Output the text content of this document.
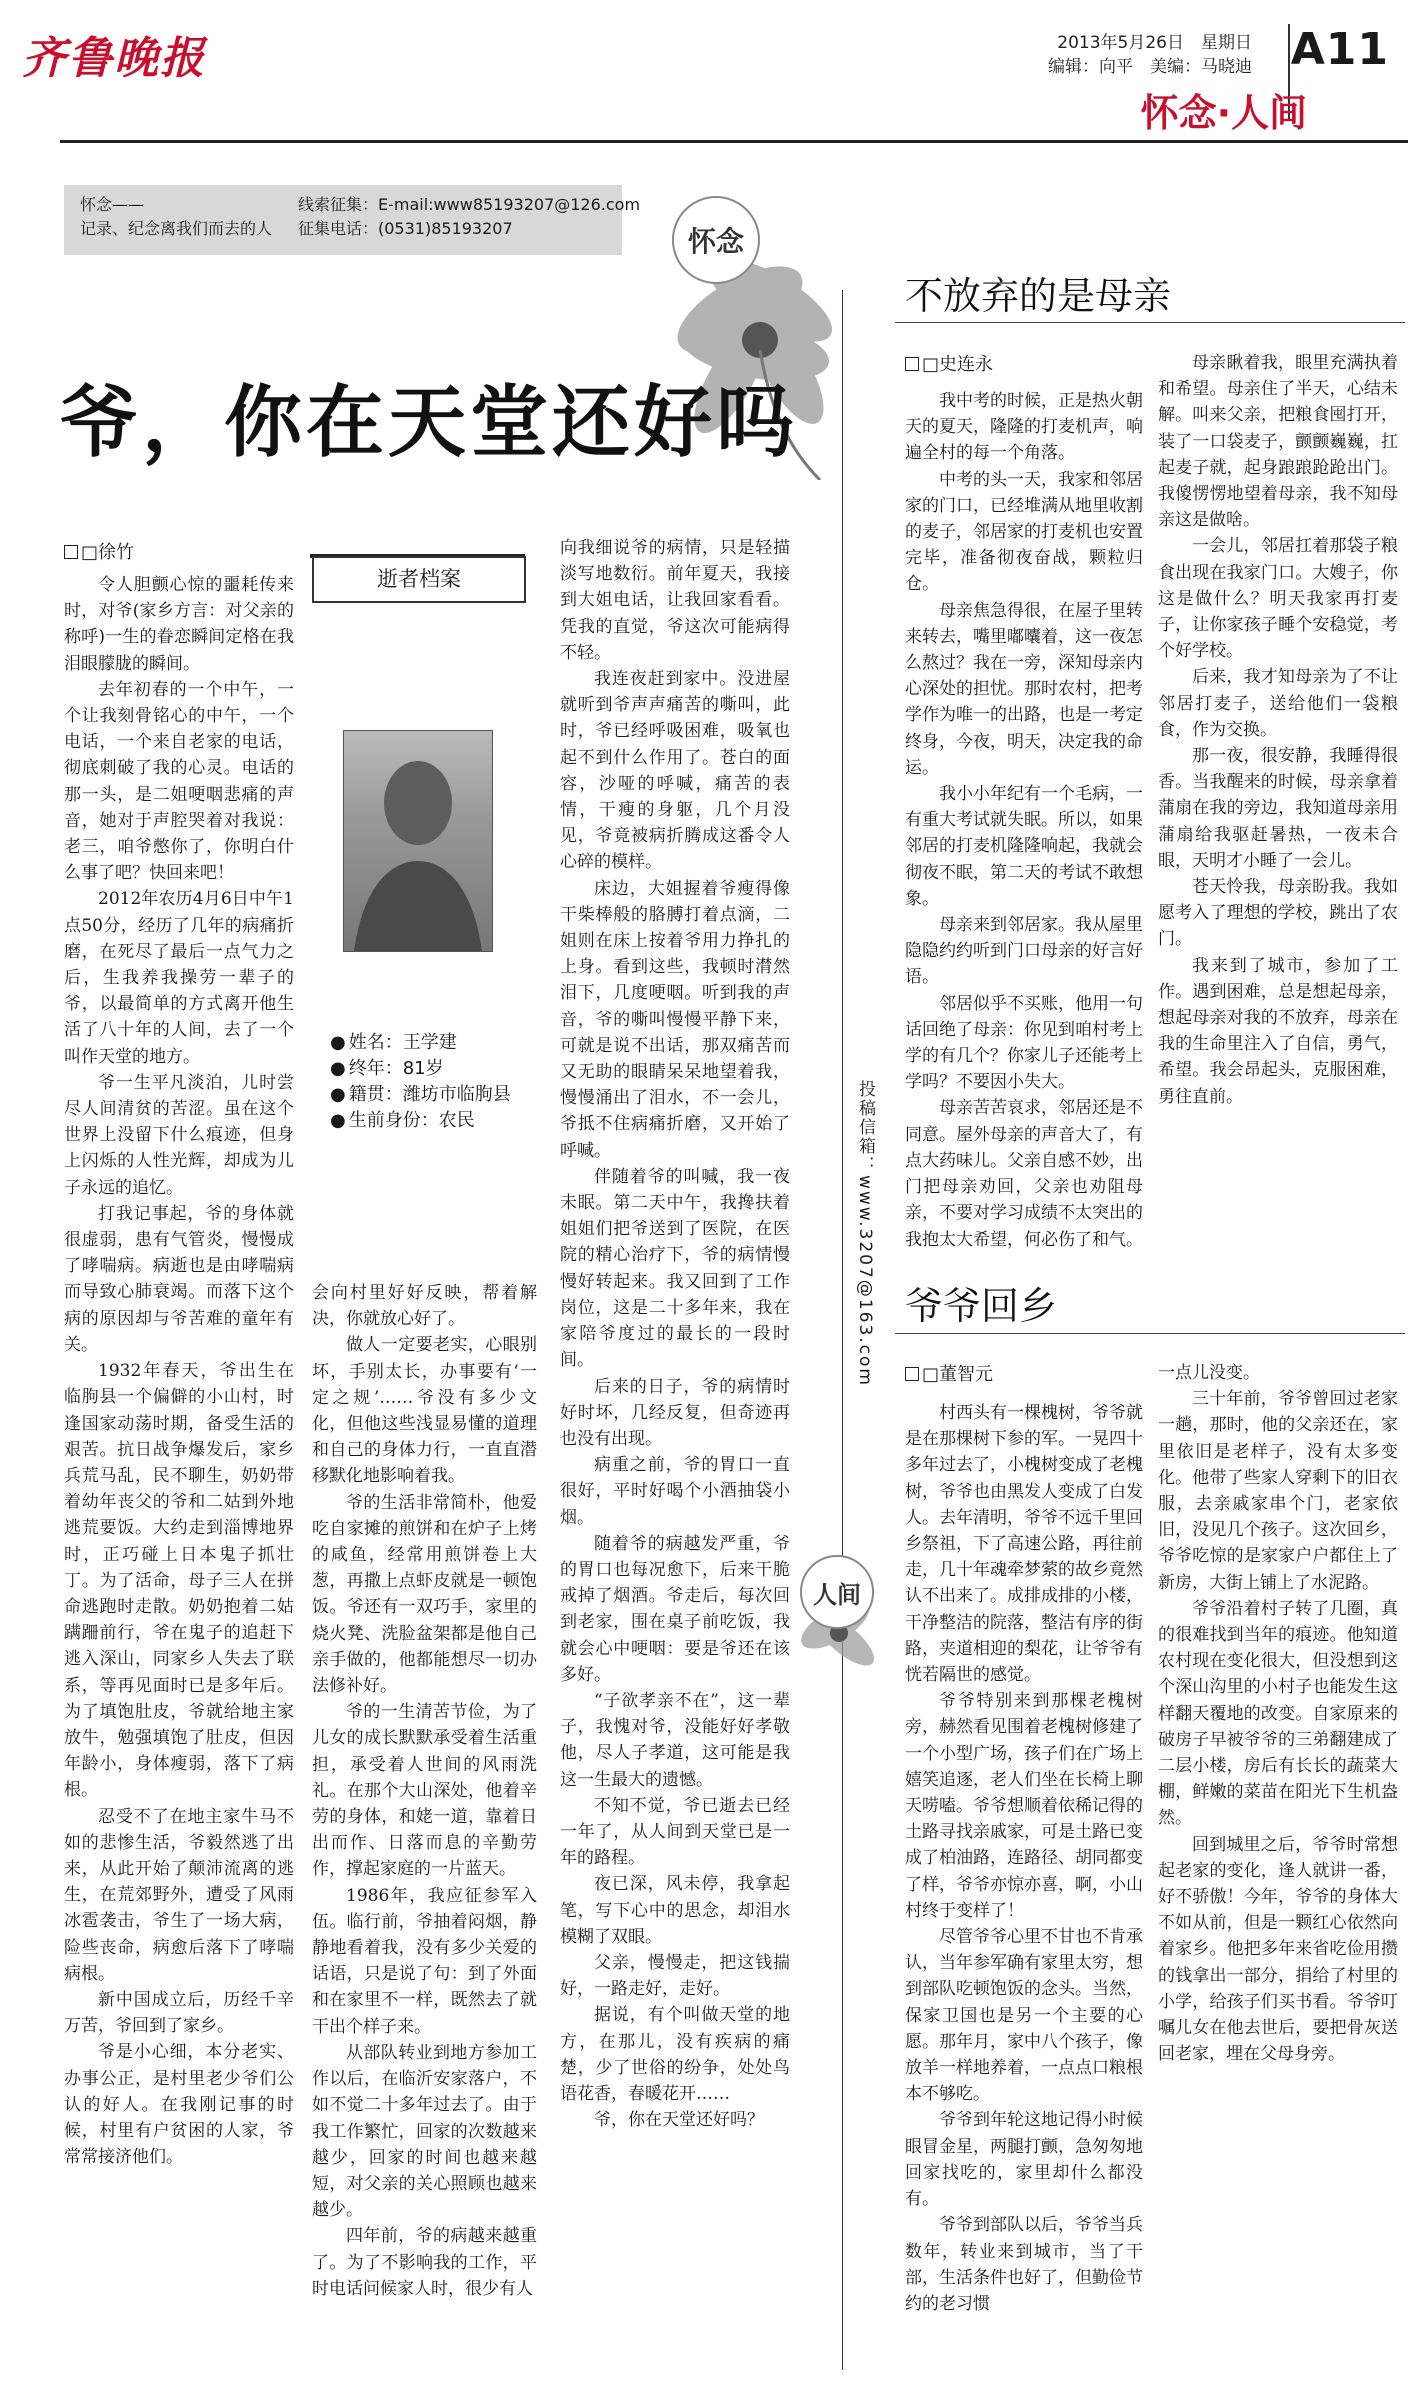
齐鲁晚报	2013年5月26日　星期日
编辑：向平　美编：马晓迪 A11
怀念·人间
怀念——
记录、纪念离我们而去的人
线索征集：E-mail:www85193207@126.com
征集电话：(0531)85193207	怀念
爷，你在天堂还好吗
□徐竹

令人胆颤心惊的噩耗传来时，对爷(家乡方言：对父亲的称呼)一生的眷恋瞬间定格在我泪眼朦胧的瞬间。

去年初春的一个中午，一个让我刻骨铭心的中午，一个电话，一个来自老家的电话，彻底刺破了我的心灵。电话的那一头，是二姐哽咽悲痛的声音，她对于声腔哭着对我说：老三，咱爷憋你了，你明白什么事了吧？快回来吧！

2012年农历4月6日中午1点50分，经历了几年的病痛折磨，在死尽了最后一点气力之后，生我养我操劳一辈子的爷，以最简单的方式离开他生活了八十年的人间，去了一个叫作天堂的地方。

爷一生平凡淡泊，儿时尝尽人间清贫的苦涩。虽在这个世界上没留下什么痕迹，但身上闪烁的人性光辉，却成为儿子永远的追忆。

打我记事起，爷的身体就很虚弱，患有气管炎，慢慢成了哮喘病。病逝也是由哮喘病而导致心肺衰竭。而落下这个病的原因却与爷苦难的童年有关。

1932年春天，爷出生在临朐县一个偏僻的小山村，时逢国家动荡时期，备受生活的艰苦。抗日战争爆发后，家乡兵荒马乱，民不聊生，奶奶带着幼年丧父的爷和二姑到外地逃荒要饭。大约走到淄博地界时，正巧碰上日本鬼子抓壮丁。为了活命，母子三人在拼命逃跑时走散。奶奶抱着二姑蹒跚前行，爷在鬼子的追赶下逃入深山，同家乡人失去了联系，等再见面时已是多年后。为了填饱肚皮，爷就给地主家放牛，勉强填饱了肚皮，但因年龄小，身体瘦弱，落下了病根。

忍受不了在地主家牛马不如的悲惨生活，爷毅然逃了出来，从此开始了颠沛流离的逃生，在荒郊野外，遭受了风雨冰雹袭击，爷生了一场大病，险些丧命，病愈后落下了哮喘病根。

新中国成立后，历经千辛万苦，爷回到了家乡。

爷是小心细，本分老实、办事公正，是村里老少爷们公认的好人。在我刚记事的时候，村里有户贫困的人家，爷常常接济他们。

逝者档案
● 姓名：王学建
● 终年：81岁
● 籍贯：潍坊市临朐县
● 生前身份：农民

会向村里好好反映，帮着解决，你就放心好了。

做人一定要老实，心眼别坏，手别太长，办事要有‘一定之规’……爷没有多少文化，但他这些浅显易懂的道理和自己的身体力行，一直直潜移默化地影响着我。

爷的生活非常简朴，他爱吃自家摊的煎饼和在炉子上烤的咸鱼，经常用煎饼卷上大葱，再撒上点虾皮就是一顿饱饭。爷还有一双巧手，家里的烧火凳、洗脸盆架都是他自己亲手做的，他都能想尽一切办法修补好。

爷的一生清苦节俭，为了儿女的成长默默承受着生活重担，承受着人世间的风雨洗礼。在那个大山深处，他着辛劳的身体，和姥一道，靠着日出而作、日落而息的辛勤劳作，撑起家庭的一片蓝天。

1986年，我应征参军入伍。临行前，爷抽着闷烟，静静地看着我，没有多少关爱的话语，只是说了句：到了外面和在家里不一样，既然去了就干出个样子来。

从部队转业到地方参加工作以后，在临沂安家落户，不如不觉二十多年过去了。由于我工作繁忙，回家的次数越来越少，回家的时间也越来越短，对父亲的关心照顾也越来越少。

四年前，爷的病越来越重了。为了不影响我的工作，平时电话问候家人时，很少有人

向我细说爷的病情，只是轻描淡写地数衍。前年夏天，我接到大姐电话，让我回家看看。凭我的直觉，爷这次可能病得不轻。

我连夜赶到家中。没进屋就听到爷声声痛苦的嘶叫，此时，爷已经呼吸困难，吸氧也起不到什么作用了。苍白的面容，沙哑的呼喊，痛苦的表情，干瘦的身躯，几个月没见，爷竟被病折腾成这番令人心碎的模样。

床边，大姐握着爷瘦得像干柴棒般的胳膊打着点滴，二姐则在床上按着爷用力挣扎的上身。看到这些，我顿时潸然泪下，几度哽咽。听到我的声音，爷的嘶叫慢慢平静下来，可就是说不出话，那双痛苦而又无助的眼睛呆呆地望着我，慢慢涌出了泪水，不一会儿，爷抵不住病痛折磨，又开始了呼喊。

伴随着爷的叫喊，我一夜未眠。第二天中午，我搀扶着姐姐们把爷送到了医院，在医院的精心治疗下，爷的病情慢慢好转起来。我又回到了工作岗位，这是二十多年来，我在家陪爷度过的最长的一段时间。

后来的日子，爷的病情时好时坏，几经反复，但奇迹再也没有出现。

病重之前，爷的胃口一直很好，平时好喝个小酒抽袋小烟。

随着爷的病越发严重，爷的胃口也每况愈下，后来干脆戒掉了烟酒。爷走后，每次回到老家，围在桌子前吃饭，我就会心中哽咽：要是爷还在该多好。

“子欲孝亲不在”，这一辈子，我愧对爷，没能好好孝敬他，尽人子孝道，这可能是我这一生最大的遗憾。

不知不觉，爷已逝去已经一年了，从人间到天堂已是一年的路程。

夜已深，风未停，我拿起笔，写下心中的思念，却泪水模糊了双眼。

父亲，慢慢走，把这钱揣好，一路走好，走好。

据说，有个叫做天堂的地方，在那儿，没有疾病的痛楚，少了世俗的纷争，处处鸟语花香，春暖花开……

爷，你在天堂还好吗？

投稿信箱：www.3207@163.com
不放弃的是母亲
□史连永

我中考的时候，正是热火朝天的夏天，隆隆的打麦机声，响遍全村的每一个角落。

中考的头一天，我家和邻居家的门口，已经堆满从地里收割的麦子，邻居家的打麦机也安置完毕，准备彻夜奋战，颗粒归仓。

母亲焦急得很，在屋子里转来转去，嘴里嘟囔着，这一夜怎么熬过？我在一旁，深知母亲内心深处的担忧。那时农村，把考学作为唯一的出路，也是一考定终身，今夜，明天，决定我的命运。

我小小年纪有一个毛病，一有重大考试就失眠。所以，如果邻居的打麦机隆隆响起，我就会彻夜不眠，第二天的考试不敢想象。

母亲来到邻居家。我从屋里隐隐约约听到门口母亲的好言好语。

邻居似乎不买账，他用一句话回绝了母亲：你见到咱村考上学的有几个？你家儿子还能考上学吗？不要因小失大。

母亲苦苦哀求，邻居还是不同意。屋外母亲的声音大了，有点大药味儿。父亲自感不妙，出门把母亲劝回，父亲也劝阻母亲，不要对学习成绩不太突出的我抱太大希望，何必伤了和气。

母亲瞅着我，眼里充满执着和希望。母亲住了半天，心结未解。叫来父亲，把粮食囤打开，装了一口袋麦子，颤颤巍巍，扛起麦子就，起身踉踉跄跄出门。我傻愣愣地望着母亲，我不知母亲这是做啥。

一会儿，邻居扛着那袋子粮食出现在我家门口。大嫂子，你这是做什么？明天我家再打麦子，让你家孩子睡个安稳觉，考个好学校。

后来，我才知母亲为了不让邻居打麦子，送给他们一袋粮食，作为交换。

那一夜，很安静，我睡得很香。当我醒来的时候，母亲拿着蒲扇在我的旁边，我知道母亲用蒲扇给我驱赶暑热，一夜未合眼，天明才小睡了一会儿。

苍天怜我，母亲盼我。我如愿考入了理想的学校，跳出了农门。

我来到了城市，参加了工作。遇到困难，总是想起母亲，想起母亲对我的不放弃，母亲在我的生命里注入了自信，勇气，希望。我会昂起头，克服困难，勇往直前。

爷爷回乡
□董智元

村西头有一棵槐树，爷爷就是在那棵树下参的军。一晃四十多年过去了，小槐树变成了老槐树，爷爷也由黑发人变成了白发人。去年清明，爷爷不远千里回乡祭祖，下了高速公路，再往前走，几十年魂牵梦萦的故乡竟然认不出来了。成排成排的小楼，干净整洁的院落，整洁有序的街路，夹道相迎的梨花，让爷爷有恍若隔世的感觉。

爷爷特别来到那棵老槐树旁，赫然看见围着老槐树修建了一个小型广场，孩子们在广场上嬉笑追逐，老人们坐在长椅上聊天唠嗑。爷爷想顺着依稀记得的土路寻找亲戚家，可是土路已变成了柏油路，连路径、胡同都变了样，爷爷亦惊亦喜，啊，小山村终于变样了！

尽管爷爷心里不甘也不肯承认，当年参军确有家里太穷，想到部队吃顿饱饭的念头。当然，保家卫国也是另一个主要的心愿。那年月，家中八个孩子，像放羊一样地养着，一点点口粮根本不够吃。

爷爷到年轮这地记得小时候眼冒金星，两腿打颤，急匆匆地回家找吃的，家里却什么都没有。

爷爷到部队以后，爷爷当兵数年，转业来到城市，当了干部，生活条件也好了，但勤俭节约的老习惯

一点儿没变。

三十年前，爷爷曾回过老家一趟，那时，他的父亲还在，家里依旧是老样子，没有太多变化。他带了些家人穿剩下的旧衣服，去亲戚家串个门，老家依旧，没见几个孩子。这次回乡，爷爷吃惊的是家家户户都住上了新房，大街上铺上了水泥路。

爷爷沿着村子转了几圈，真的很难找到当年的痕迹。他知道农村现在变化很大，但没想到这个深山沟里的小村子也能发生这样翻天覆地的改变。自家原来的破房子早被爷爷的三弟翻建成了二层小楼，房后有长长的蔬菜大棚，鲜嫩的菜苗在阳光下生机盎然。

回到城里之后，爷爷时常想起老家的变化，逢人就讲一番，好不骄傲！今年，爷爷的身体大不如从前，但是一颗红心依然向着家乡。他把多年来省吃俭用攒的钱拿出一部分，捐给了村里的小学，给孩子们买书看。爷爷叮嘱儿女在他去世后，要把骨灰送回老家，埋在父母身旁。

人间
